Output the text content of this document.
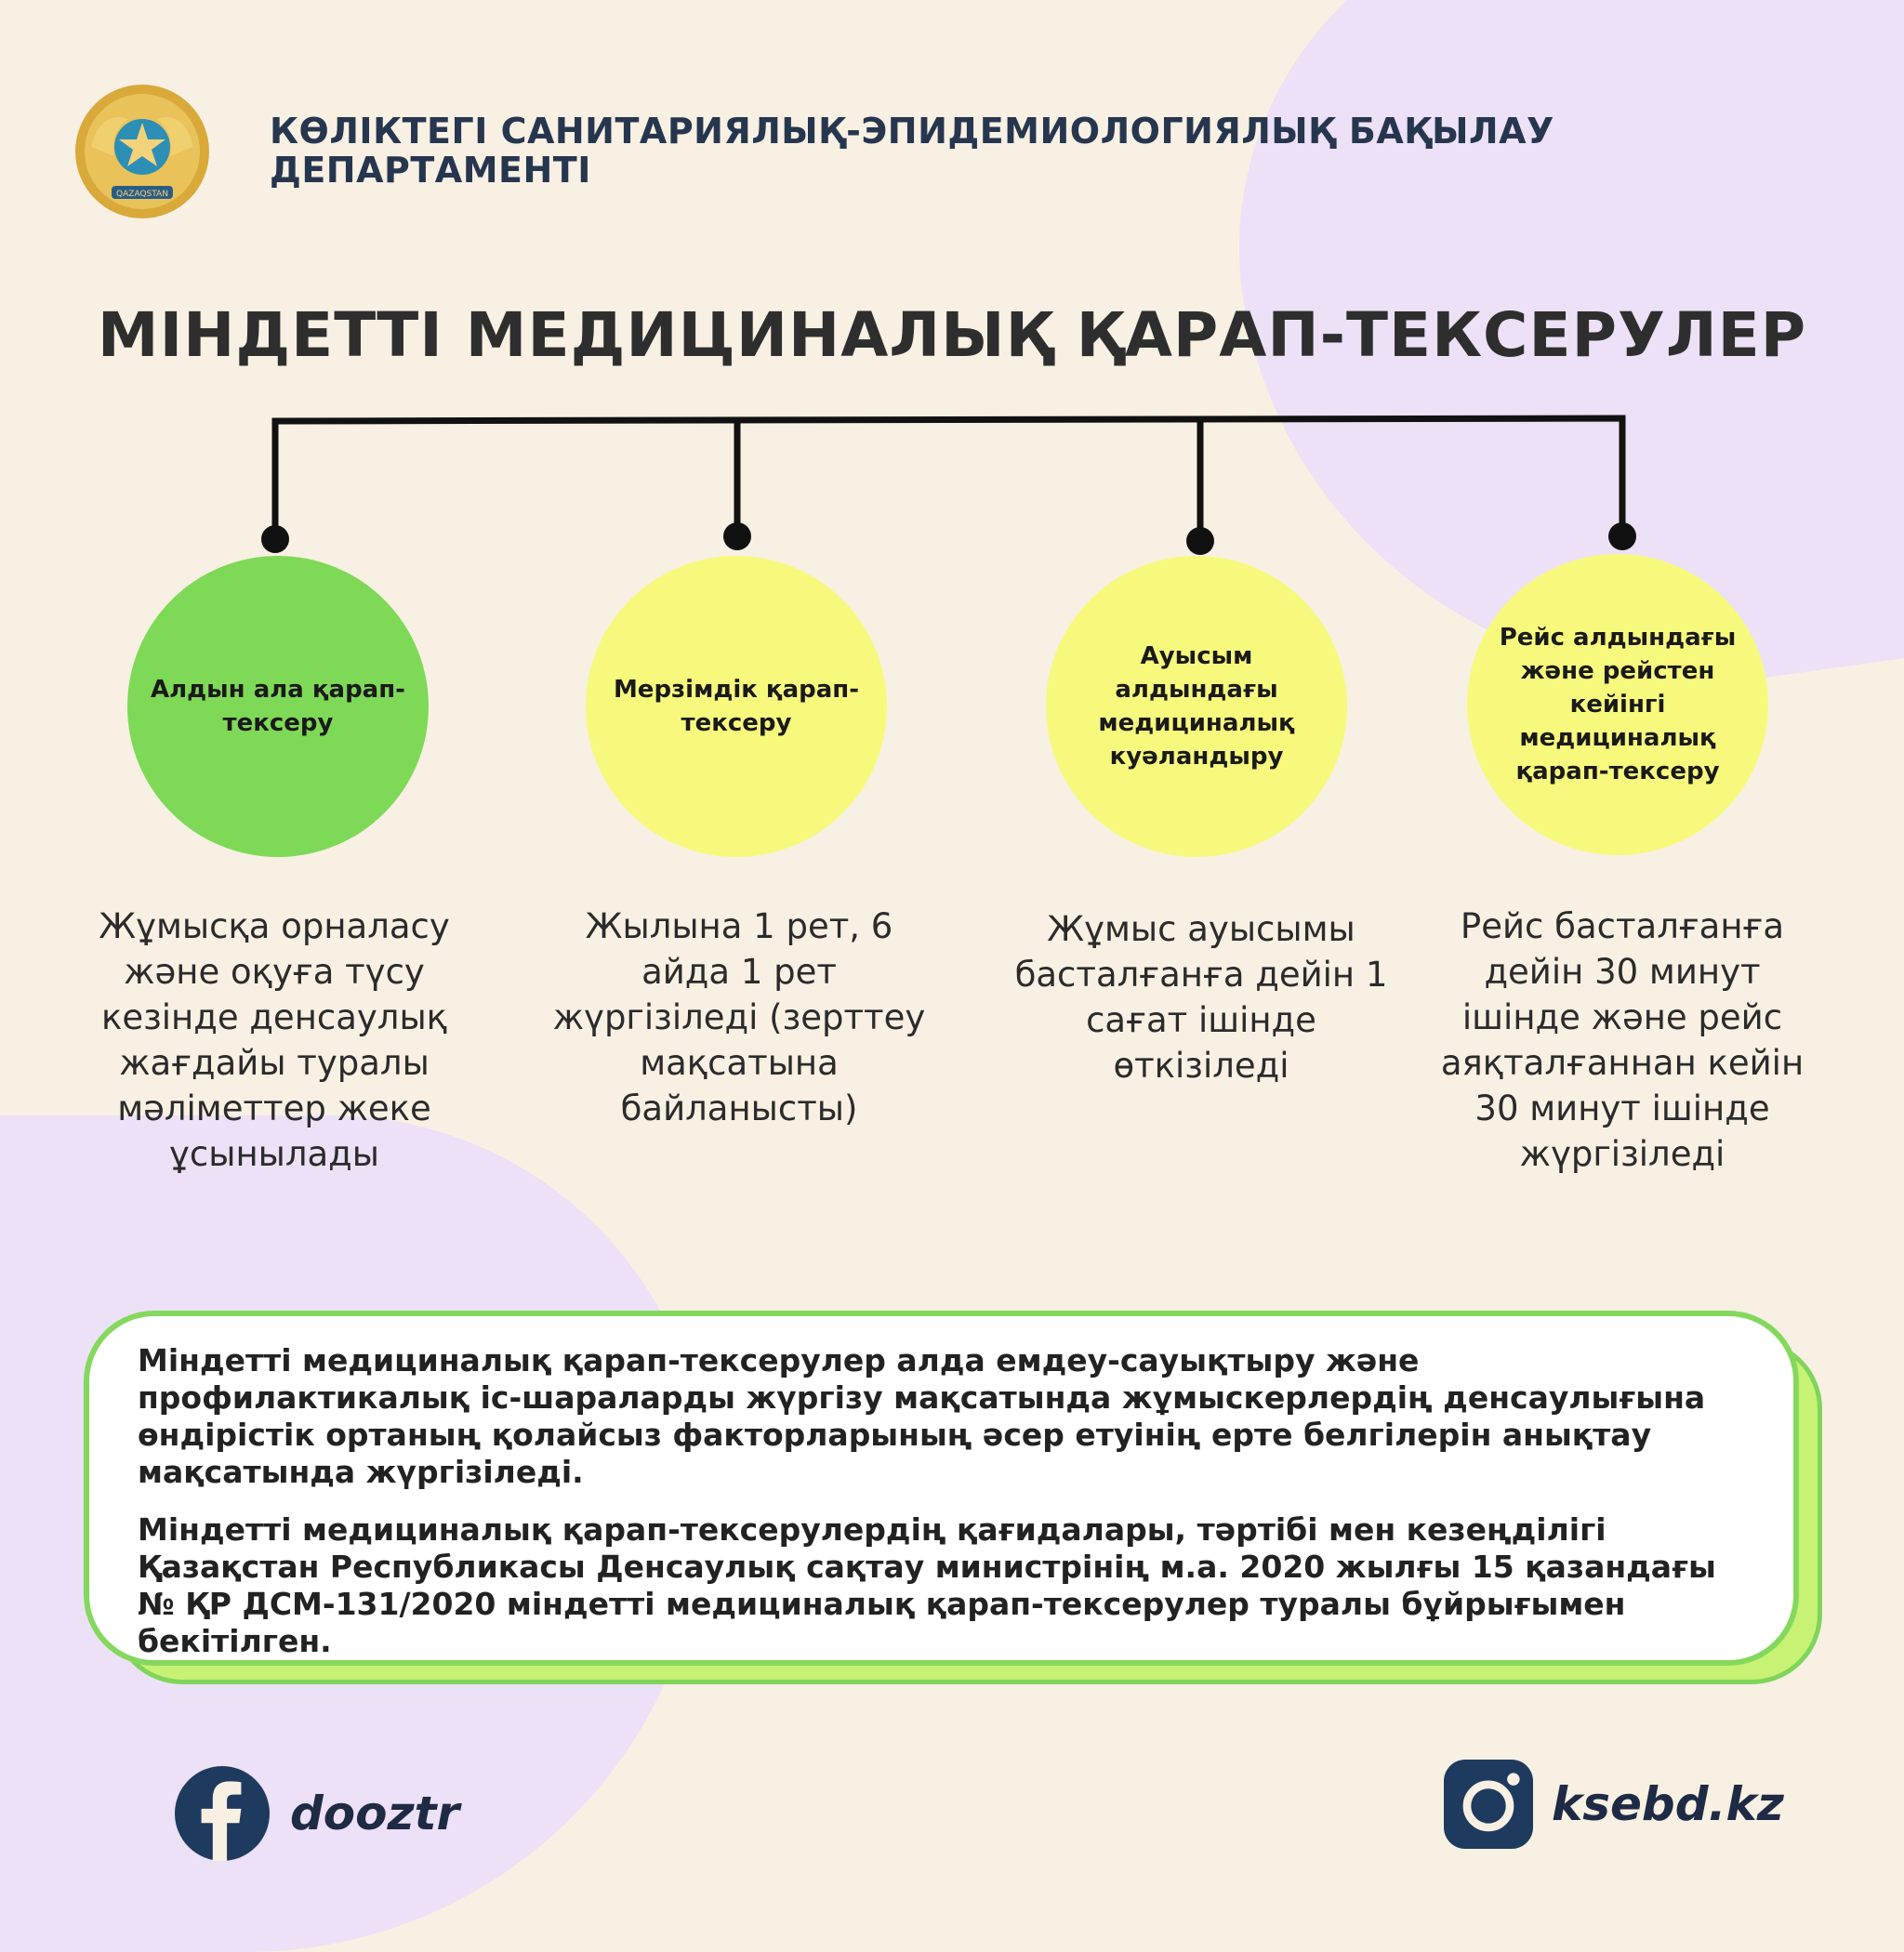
QAZAQSTAN
КӨЛІКТЕГІ САНИТАРИЯЛЫҚ-ЭПИДЕМИОЛОГИЯЛЫҚ БАҚЫЛАУ ДЕПАРТАМЕНТІ
МІНДЕТТІ МЕДИЦИНАЛЫҚ ҚАРАП-ТЕКСЕРУЛЕР
Алдын ала қарап-тексеру
Мерзімдік қарап-тексеру
Ауысым алдындағы медициналық куәландыру
Рейс алдындағы және рейстен кейінгі медициналық қарап-тексеру
Жұмысқа орналасу және оқуға түсу кезінде денсаулық жағдайы туралы мәліметтер жеке ұсынылады
Жылына 1 рет, 6 айда 1 рет жүргізіледі (зерттеу мақсатына байланысты)
Жұмыс ауысымы басталғанға дейін 1 сағат ішінде өткізіледі
Рейс басталғанға дейін 30 минут ішінде және рейс аяқталғаннан кейін 30 минут ішінде жүргізіледі

Міндетті медициналық қарап-тексерулер алда емдеу-сауықтыру және профилактикалық іс-шараларды жүргізу мақсатында жұмыскерлердің денсаулығына өндірістік ортаның қолайсыз факторларының әсер етуінің ерте белгілерін анықтау мақсатында жүргізіледі.

Міндетті медициналық қарап-тексерулердің қағидалары, тәртібі мен кезеңділігі Қазақстан Республикасы Денсаулық сақтау министрінің м.а. 2020 жылғы 15 қазандағы № ҚР ДСМ-131/2020 міндетті медициналық қарап-тексерулер туралы бұйрығымен бекітілген.

dooztr	ksebd.kz
